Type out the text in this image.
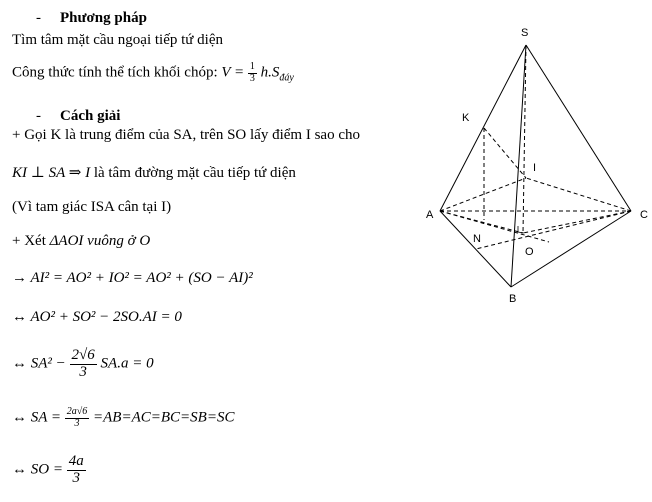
- Phương pháp
Tìm tâm mặt cầu ngoại tiếp tứ diện
Công thức tính thể tích khối chóp: $V = \frac{1}{3} h.S_{đáy}$
- Cách giải
+ Gọi K là trung điểm của SA, trên SO lấy điểm I sao cho
KI ⊥ SA ⇒ I là tâm đường mặt cầu tiếp tứ diện
(Vì tam giác ISA cân tại I)
+ Xét ΔAOI vuông ở O
→ AI² = AO² + IO² = AO² + (SO − AI)²
↔ AO² + SO² − 2SO.AI = 0
↔ $SA^2 - \frac{2√6}{3} SA.a = 0$
↔ SA = $\frac{2a√6}{3} =AB=AC=BC=SB=SC$
↔ SO = $\frac{4a}{3}$
S
K
I
A	C
N
O
B
